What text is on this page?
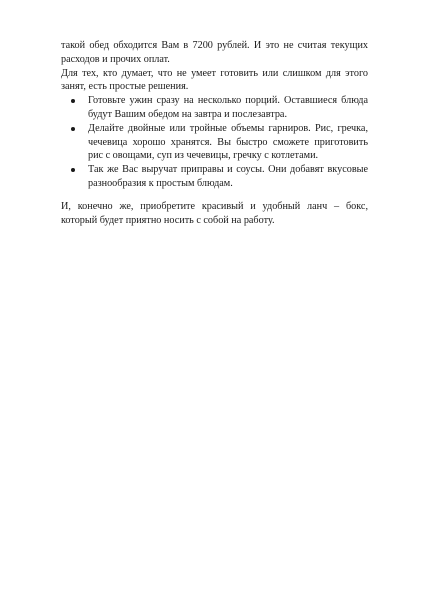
такой обед обходится Вам в 7200 рублей. И это не считая текущих расходов и прочих оплат.

Для тех, кто думает, что не умеет готовить или слишком для этого занят, есть простые решения.

Готовьте ужин сразу на несколько порций. Оставшиеся блюда будут Вашим обедом на завтра и послезавтра.
Делайте двойные или тройные объемы гарниров. Рис, гречка, чечевица хорошо хранятся. Вы быстро сможете приготовить рис с овощами, суп из чечевицы, гречку с котлетами.
Так же Вас выручат приправы и соусы. Они добавят вкусовые разнообразия к простым блюдам.

И, конечно же, приобретите красивый и удобный ланч – бокс, который будет приятно носить с собой на работу.
